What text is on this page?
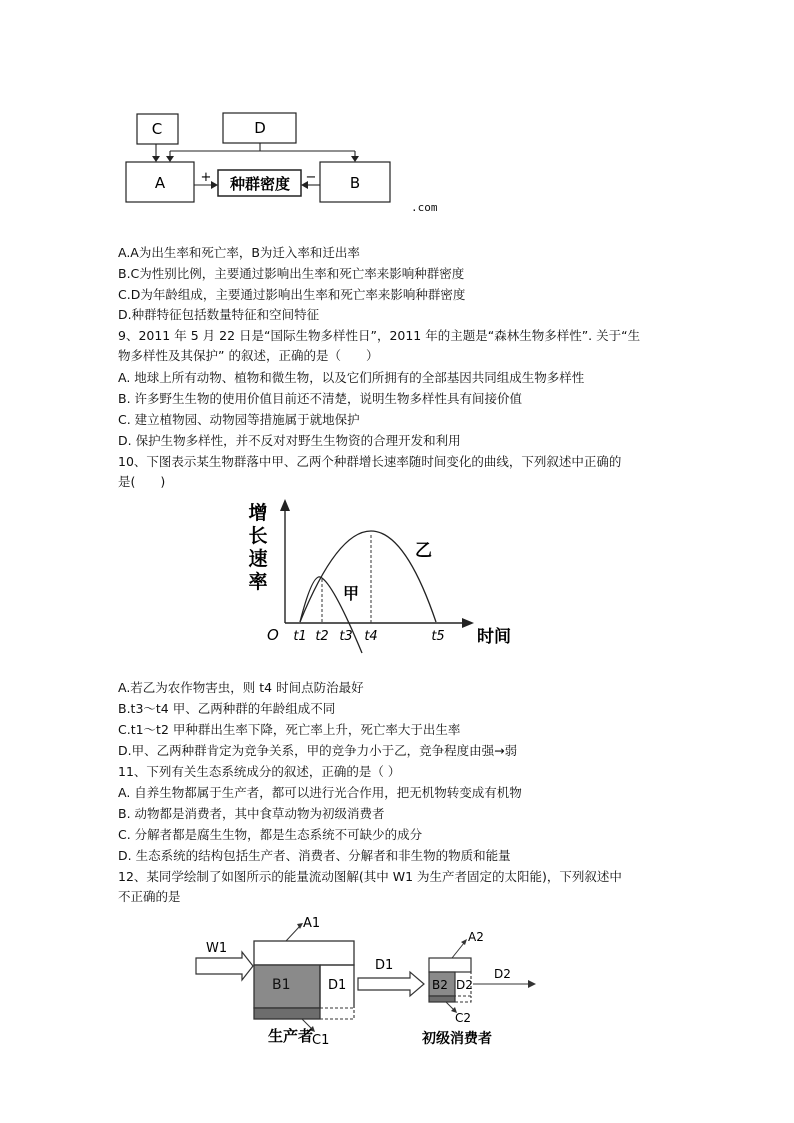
C	D
A	B
种群密度
+	−
.com
A.A为出生率和死亡率，B为迁入率和迁出率
B.C为性别比例，主要通过影响出生率和死亡率来影响种群密度
C.D为年龄组成，主要通过影响出生率和死亡率来影响种群密度
D.种群特征包括数量特征和空间特征
9、2011 年 5 月 22 日是“国际生物多样性日”，2011 年的主题是“森林生物多样性”. 关于“生
物多样性及其保护” 的叙述，正确的是（　　）
A. 地球上所有动物、植物和微生物，以及它们所拥有的全部基因共同组成生物多样性
B. 许多野生生物的使用价值目前还不清楚，说明生物多样性具有间接价值
C. 建立植物园、动物园等措施属于就地保护
D. 保护生物多样性，并不反对对野生生物资的合理开发和利用
10、下图表示某生物群落中甲、乙两个种群增长速率随时间变化的曲线，下列叙述中正确的
是(　　)
增
长
速
率
O t1 t2 t3 t4	t5
甲
乙
时间
A.若乙为农作物害虫，则 t4 时间点防治最好
B.t3～t4 甲、乙两种群的年龄组成不同
C.t1～t2 甲种群出生率下降，死亡率上升，死亡率大于出生率
D.甲、乙两种群肯定为竞争关系，甲的竞争力小于乙，竞争程度由强→弱
11、下列有关生态系统成分的叙述，正确的是（ ）
A. 自养生物都属于生产者，都可以进行光合作用，把无机物转变成有机物
B. 动物都是消费者，其中食草动物为初级消费者
C. 分解者都是腐生生物，都是生态系统不可缺少的成分
D. 生态系统的结构包括生产者、消费者、分解者和非生物的物质和能量
12、某同学绘制了如图所示的能量流动图解(其中 W1 为生产者固定的太阳能)，下列叙述中
不正确的是
W1
A1
B1	D1
C1
生产者
D1
A2
B2 D2
C2
D2
初级消费者
